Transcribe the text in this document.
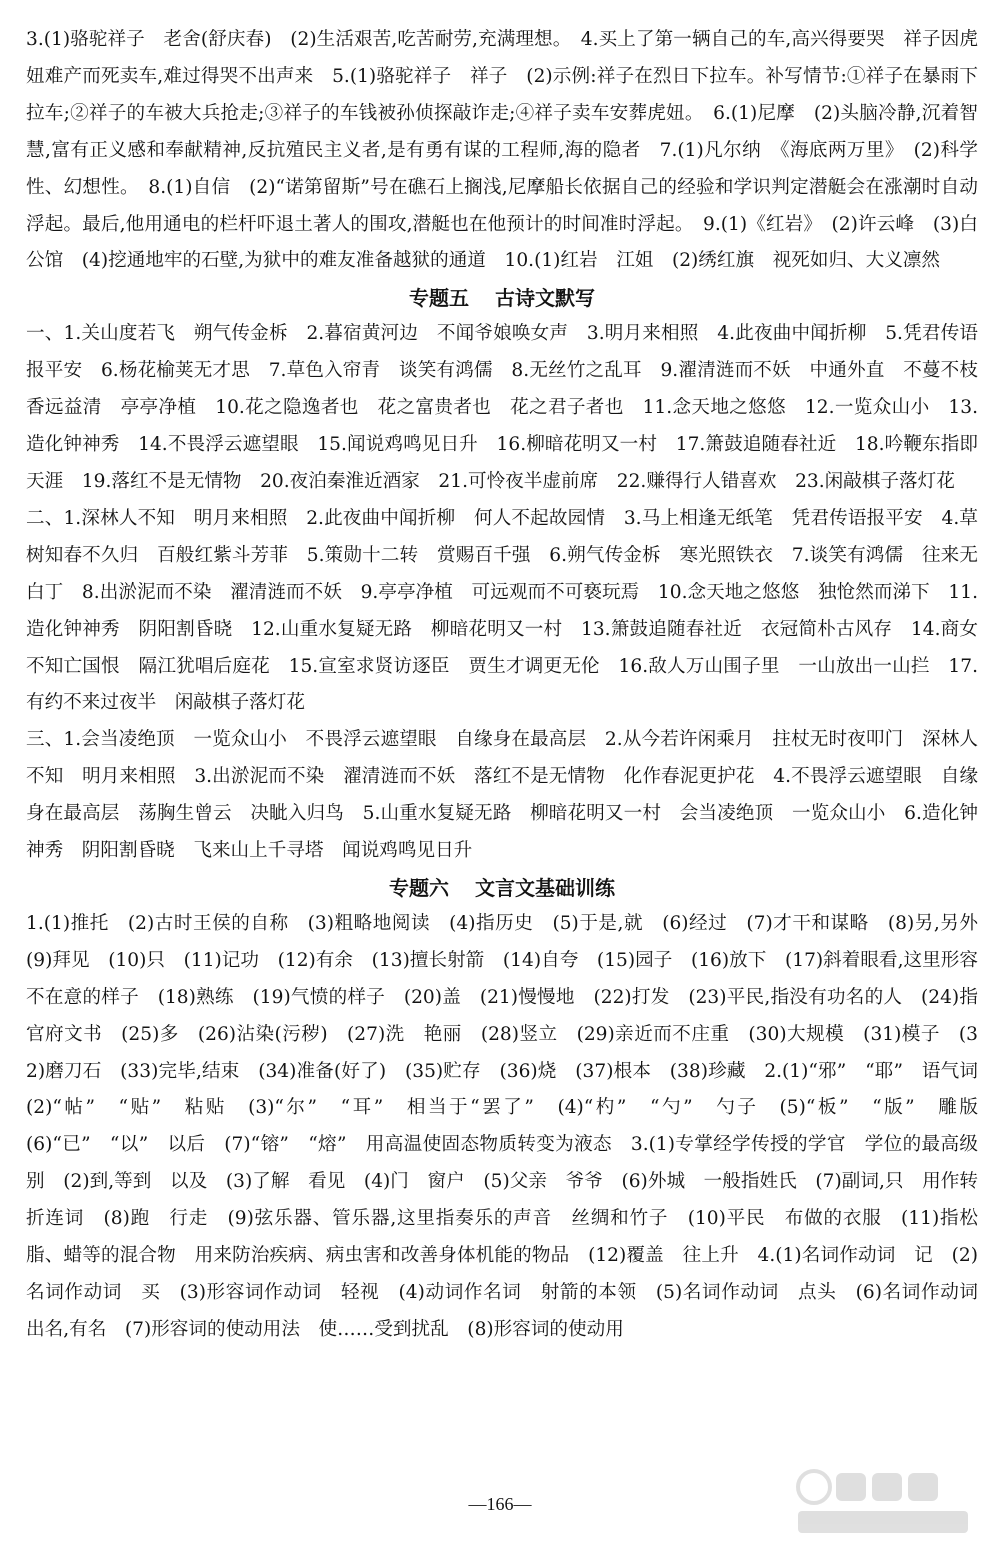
3.(1)骆驼祥子　老舍(舒庆春)　(2)生活艰苦,吃苦耐劳,充满理想。　4.买上了第一辆自己的车,高兴得要哭　祥子因虎妞难产而死卖车,难过得哭不出声来　5.(1)骆驼祥子　祥子　(2)示例:祥子在烈日下拉车。补写情节:①祥子在暴雨下拉车;②祥子的车被大兵抢走;③祥子的车钱被孙侦探敲诈走;④祥子卖车安葬虎妞。　6.(1)尼摩　(2)头脑冷静,沉着智慧,富有正义感和奉献精神,反抗殖民主义者,是有勇有谋的工程师,海的隐者　7.(1)凡尔纳　《海底两万里》　(2)科学性、幻想性。　8.(1)自信　(2)“诺第留斯”号在礁石上搁浅,尼摩船长依据自己的经验和学识判定潜艇会在涨潮时自动浮起。最后,他用通电的栏杆吓退土著人的围攻,潜艇也在他预计的时间准时浮起。　9.(1)《红岩》　(2)许云峰　(3)白公馆　(4)挖通地牢的石壁,为狱中的难友准备越狱的通道　10.(1)红岩　江姐　(2)绣红旗　视死如归、大义凛然

专题五 古诗文默写

一、1.关山度若飞　朔气传金柝　2.暮宿黄河边　不闻爷娘唤女声　3.明月来相照　4.此夜曲中闻折柳　5.凭君传语报平安　6.杨花榆荚无才思　7.草色入帘青　谈笑有鸿儒　8.无丝竹之乱耳　9.濯清涟而不妖　中通外直　不蔓不枝　香远益清　亭亭净植　10.花之隐逸者也　花之富贵者也　花之君子者也　11.念天地之悠悠　12.一览众山小　13.造化钟神秀　14.不畏浮云遮望眼　15.闻说鸡鸣见日升　16.柳暗花明又一村　17.箫鼓追随春社近　18.吟鞭东指即天涯　19.落红不是无情物　20.夜泊秦淮近酒家　21.可怜夜半虚前席　22.赚得行人错喜欢　23.闲敲棋子落灯花

二、1.深林人不知　明月来相照　2.此夜曲中闻折柳　何人不起故园情　3.马上相逢无纸笔　凭君传语报平安　4.草树知春不久归　百般红紫斗芳菲　5.策勋十二转　赏赐百千强　6.朔气传金柝　寒光照铁衣　7.谈笑有鸿儒　往来无白丁　8.出淤泥而不染　濯清涟而不妖　9.亭亭净植　可远观而不可亵玩焉　10.念天地之悠悠　独怆然而涕下　11.造化钟神秀　阴阳割昏晓　12.山重水复疑无路　柳暗花明又一村　13.箫鼓追随春社近　衣冠简朴古风存　14.商女不知亡国恨　隔江犹唱后庭花　15.宣室求贤访逐臣　贾生才调更无伦　16.敌人万山围子里　一山放出一山拦　17.有约不来过夜半　闲敲棋子落灯花

三、1.会当凌绝顶　一览众山小　不畏浮云遮望眼　自缘身在最高层　2.从今若许闲乘月　拄杖无时夜叩门　深林人不知　明月来相照　3.出淤泥而不染　濯清涟而不妖　落红不是无情物　化作春泥更护花　4.不畏浮云遮望眼　自缘身在最高层　荡胸生曾云　决眦入归鸟　5.山重水复疑无路　柳暗花明又一村　会当凌绝顶　一览众山小　6.造化钟神秀　阴阳割昏晓　飞来山上千寻塔　闻说鸡鸣见日升

专题六 文言文基础训练

1.(1)推托　(2)古时王侯的自称　(3)粗略地阅读　(4)指历史　(5)于是,就　(6)经过　(7)才干和谋略　(8)另,另外　(9)拜见　(10)只　(11)记功　(12)有余　(13)擅长射箭　(14)自夸　(15)园子　(16)放下　(17)斜着眼看,这里形容不在意的样子　(18)熟练　(19)气愤的样子　(20)盖　(21)慢慢地　(22)打发　(23)平民,指没有功名的人　(24)指官府文书　(25)多　(26)沾染(污秽)　(27)洗　艳丽　(28)竖立　(29)亲近而不庄重　(30)大规模　(31)模子　(32)磨刀石　(33)完毕,结束　(34)准备(好了)　(35)贮存　(36)烧　(37)根本　(38)珍藏　2.(1)“邪”　“耶”　语气词　(2)“帖”　“贴”　粘贴　(3)“尔”　“耳”　相当于“罢了”　(4)“杓”　“勺”　勺子　(5)“板”　“版”　雕版　(6)“已”　“以”　以后　(7)“镕”　“熔”　用高温使固态物质转变为液态　3.(1)专掌经学传授的学官　学位的最高级别　(2)到,等到　以及　(3)了解　看见　(4)门　窗户　(5)父亲　爷爷　(6)外城　一般指姓氏　(7)副词,只　用作转折连词　(8)跑　行走　(9)弦乐器、管乐器,这里指奏乐的声音　丝绸和竹子　(10)平民　布做的衣服　(11)指松脂、蜡等的混合物　用来防治疾病、病虫害和改善身体机能的物品　(12)覆盖　往上升　4.(1)名词作动词　记　(2)名词作动词　买　(3)形容词作动词　轻视　(4)动词作名词　射箭的本领　(5)名词作动词　点头　(6)名词作动词　出名,有名　(7)形容词的使动用法　使……受到扰乱　(8)形容词的使动用

—166—
